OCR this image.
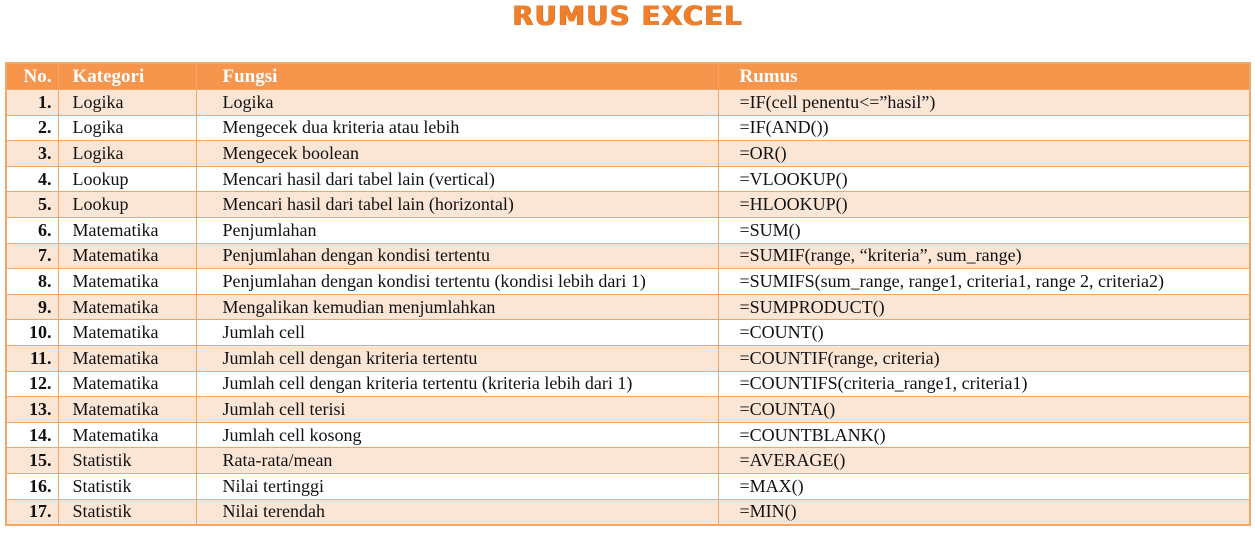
RUMUS EXCEL
No.	Kategori	Fungsi	Rumus
1.	Logika	Logika	=IF(cell penentu<=”hasil”)
2.	Logika	Mengecek dua kriteria atau lebih	=IF(AND())
3.	Logika	Mengecek boolean	=OR()
4.	Lookup	Mencari hasil dari tabel lain (vertical)	=VLOOKUP()
5.	Lookup	Mencari hasil dari tabel lain (horizontal)	=HLOOKUP()
6.	Matematika	Penjumlahan	=SUM()
7.	Matematika	Penjumlahan dengan kondisi tertentu	=SUMIF(range, “kriteria”, sum_range)
8.	Matematika	Penjumlahan dengan kondisi tertentu (kondisi lebih dari 1)	=SUMIFS(sum_range, range1, criteria1, range 2, criteria2)
9.	Matematika	Mengalikan kemudian menjumlahkan	=SUMPRODUCT()
10.	Matematika	Jumlah cell	=COUNT()
11.	Matematika	Jumlah cell dengan kriteria tertentu	=COUNTIF(range, criteria)
12.	Matematika	Jumlah cell dengan kriteria tertentu (kriteria lebih dari 1)	=COUNTIFS(criteria_range1, criteria1)
13.	Matematika	Jumlah cell terisi	=COUNTA()
14.	Matematika	Jumlah cell kosong	=COUNTBLANK()
15.	Statistik	Rata-rata/mean	=AVERAGE()
16.	Statistik	Nilai tertinggi	=MAX()
17.	Statistik	Nilai terendah	=MIN()
